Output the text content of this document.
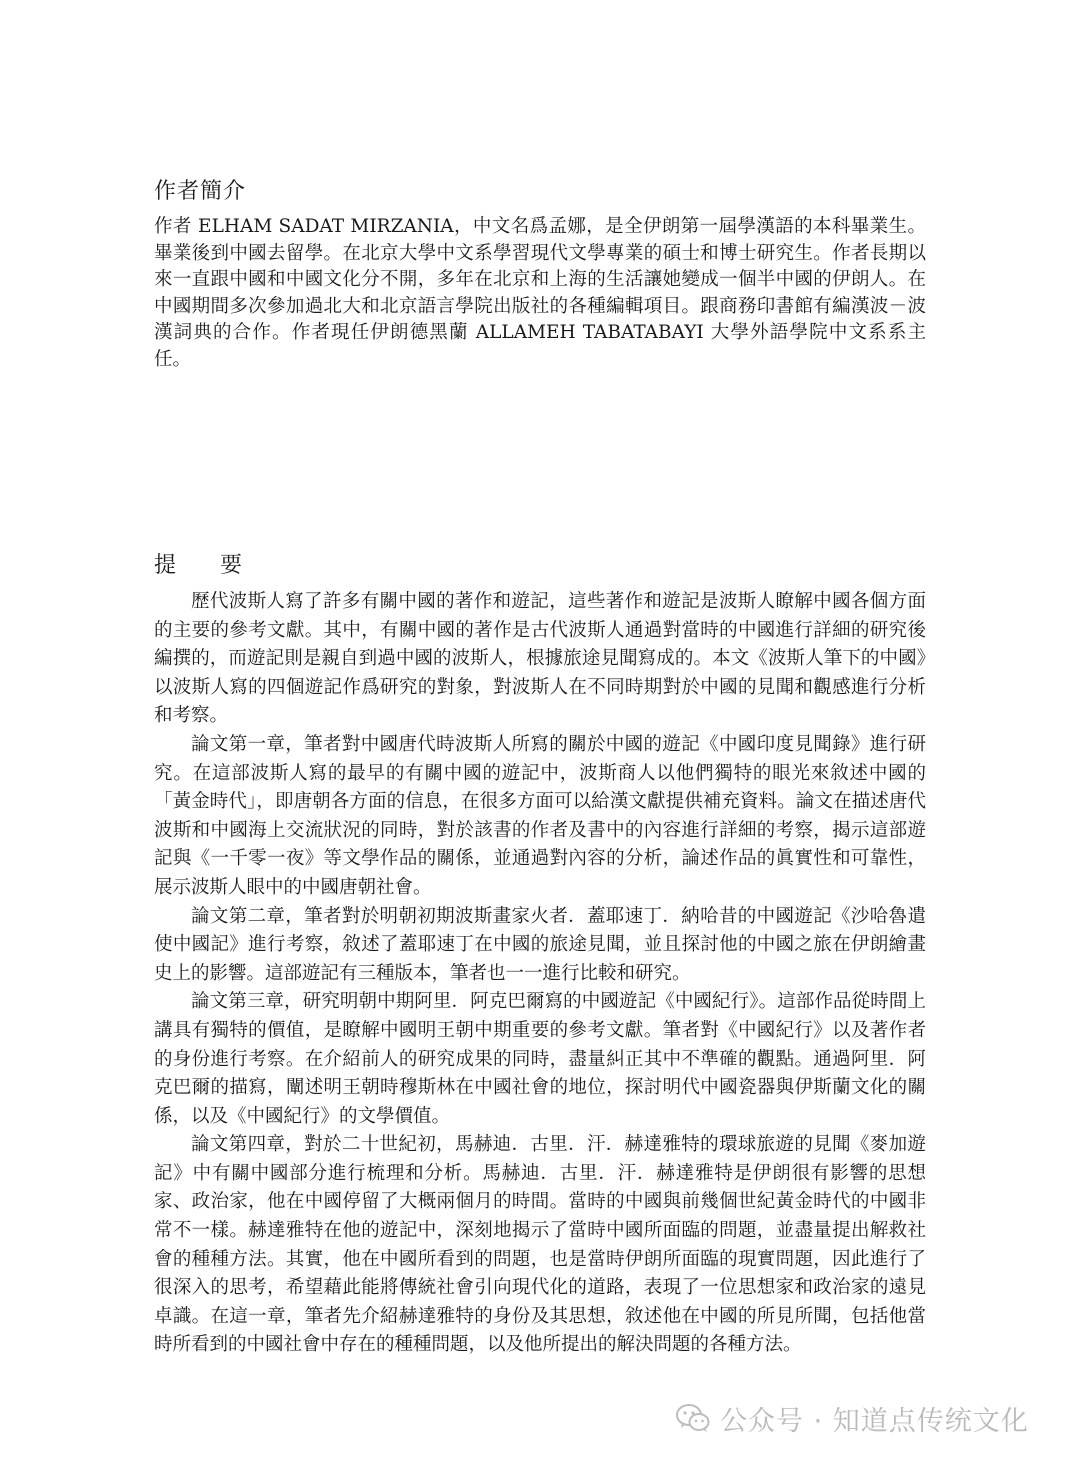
作者簡介

作者 ELHAM SADAT MIRZANIA，中文名爲孟娜，是全伊朗第一屆學漢語的本科畢業生。畢業後到中國去留學。在北京大學中文系學習現代文學專業的碩士和博士研究生。作者長期以來一直跟中國和中國文化分不開，多年在北京和上海的生活讓她變成一個半中國的伊朗人。在中國期間多次參加過北大和北京語言學院出版社的各種編輯項目。跟商務印書館有編漢波－波漢詞典的合作。作者現任伊朗德黑蘭 ALLAMEH TABATABAYI 大學外語學院中文系系主任。

提 要

歷代波斯人寫了許多有關中國的著作和遊記，這些著作和遊記是波斯人瞭解中國各個方面的主要的參考文獻。其中，有關中國的著作是古代波斯人通過對當時的中國進行詳細的研究後編撰的，而遊記則是親自到過中國的波斯人，根據旅途見聞寫成的。本文《波斯人筆下的中國》以波斯人寫的四個遊記作爲研究的對象，對波斯人在不同時期對於中國的見聞和觀感進行分析和考察。

論文第一章，筆者對中國唐代時波斯人所寫的關於中國的遊記《中國印度見聞錄》進行研究。在這部波斯人寫的最早的有關中國的遊記中，波斯商人以他們獨特的眼光來敘述中國的「黃金時代」，即唐朝各方面的信息，在很多方面可以給漢文獻提供補充資料。論文在描述唐代波斯和中國海上交流狀況的同時，對於該書的作者及書中的內容進行詳細的考察，揭示這部遊記與《一千零一夜》等文學作品的關係，並通過對內容的分析，論述作品的眞實性和可靠性，展示波斯人眼中的中國唐朝社會。

論文第二章，筆者對於明朝初期波斯畫家火者．蓋耶速丁．納哈昔的中國遊記《沙哈魯遣使中國記》進行考察，敘述了蓋耶速丁在中國的旅途見聞，並且探討他的中國之旅在伊朗繪畫史上的影響。這部遊記有三種版本，筆者也一一進行比較和研究。

論文第三章，研究明朝中期阿里．阿克巴爾寫的中國遊記《中國紀行》。這部作品從時間上講具有獨特的價值，是瞭解中國明王朝中期重要的參考文獻。筆者對《中國紀行》以及著作者的身份進行考察。在介紹前人的研究成果的同時，盡量糾正其中不準確的觀點。通過阿里．阿克巴爾的描寫，闡述明王朝時穆斯林在中國社會的地位，探討明代中國瓷器與伊斯蘭文化的關係，以及《中國紀行》的文學價值。

論文第四章，對於二十世紀初，馬赫迪．古里．汗．赫達雅特的環球旅遊的見聞《麥加遊記》中有關中國部分進行梳理和分析。馬赫迪．古里．汗．赫達雅特是伊朗很有影響的思想家、政治家，他在中國停留了大概兩個月的時間。當時的中國與前幾個世紀黃金時代的中國非常不一樣。赫達雅特在他的遊記中，深刻地揭示了當時中國所面臨的問題，並盡量提出解救社會的種種方法。其實，他在中國所看到的問題，也是當時伊朗所面臨的現實問題，因此進行了很深入的思考，希望藉此能將傳統社會引向現代化的道路，表現了一位思想家和政治家的遠見卓識。在這一章，筆者先介紹赫達雅特的身份及其思想，敘述他在中國的所見所聞，包括他當時所看到的中國社會中存在的種種問題，以及他所提出的解決問題的各種方法。

公众号 · 知道点传统文化
